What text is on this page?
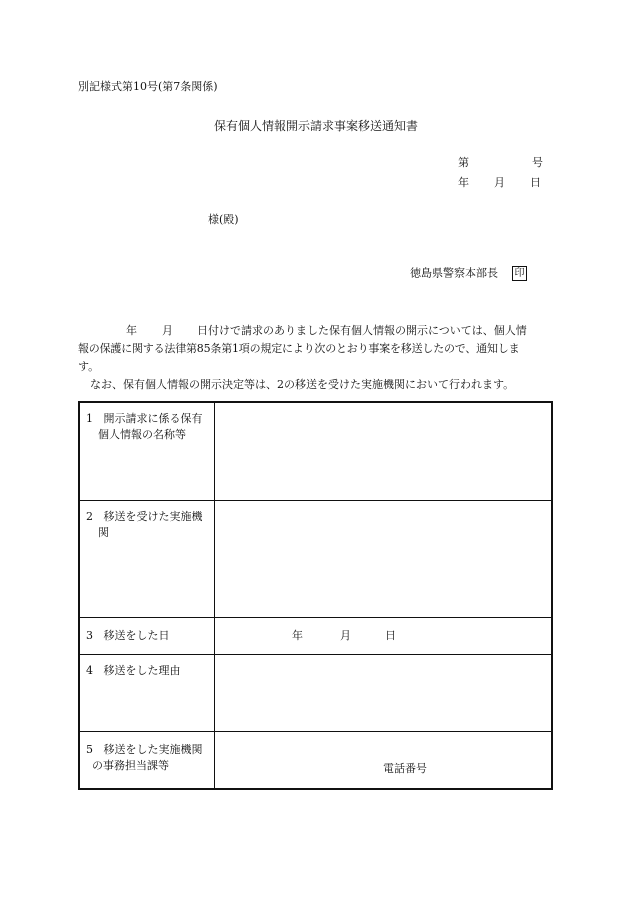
別記様式第10号(第7条関係)
保有個人情報開示請求事案移送通知書
第	号
年 月 日
様(殿)
徳島県警察本部長 印
年 月 日付けで請求のありました保有個人情報の開示については、個人情
報の保護に関する法律第85条第1項の規定により次のとおり事案を移送したので、通知しま
す。
なお、保有個人情報の開示決定等は、2の移送を受けた実施機関において行われます。
1 開示請求に係る保有
個人情報の名称等	

2 移送を受けた実施機
関	

3 移送をした日	年 月 日

4 移送をした理由	

5 移送をした実施機関
の事務担当課等	電話番号
